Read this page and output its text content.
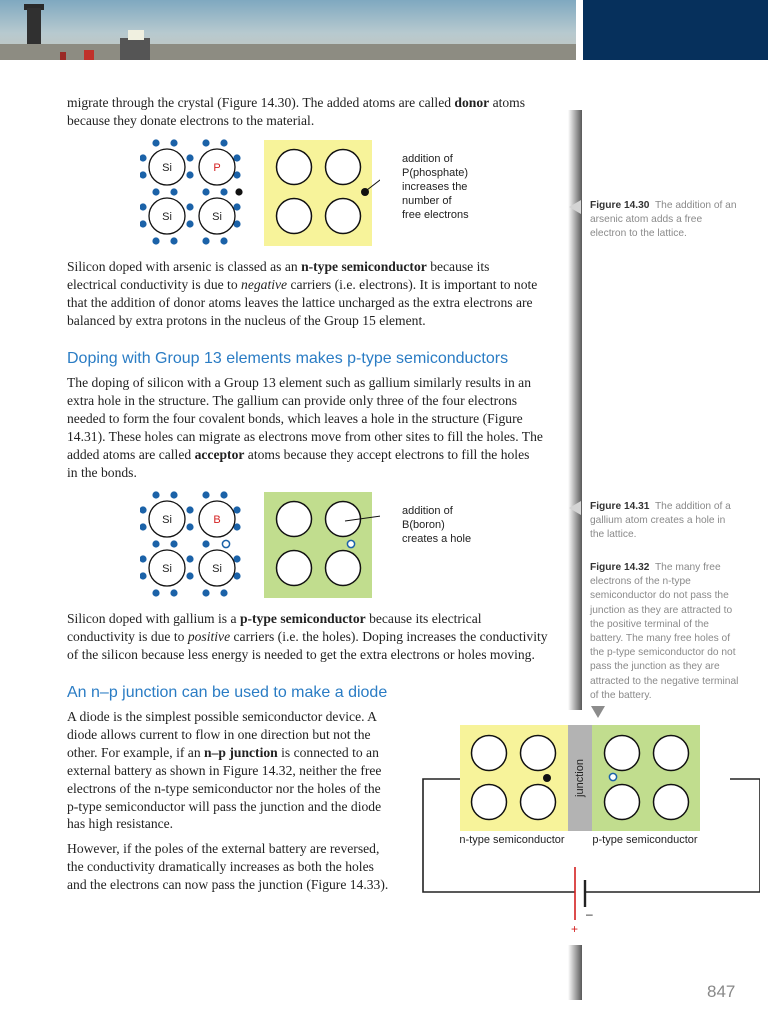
migrate through the crystal (Figure 14.30). The added atoms are called donor atoms
because they donate electrons to the material.
Si	P
Si	Si
addition of
P(phosphate)
increases the
number of
free electrons
Figure 14.30 The addition of an arsenic atom adds a free electron to the lattice.
Silicon doped with arsenic is classed as an n-type semiconductor because its
electrical conductivity is due to negative carriers (i.e. electrons). It is important to note
that the addition of donor atoms leaves the lattice uncharged as the extra electrons are
balanced by extra protons in the nucleus of the Group 15 element.
Doping with Group 13 elements makes p-type semiconductors
The doping of silicon with a Group 13 element such as gallium similarly results in an
extra hole in the structure. The gallium can provide only three of the four electrons
needed to form the four covalent bonds, which leaves a hole in the structure (Figure
14.31). These holes can migrate as electrons move from other sites to fill the holes. The
added atoms are called acceptor atoms because they accept electrons to fill the holes
in the bonds.
Si	B
Si	Si
addition of
B(boron)
creates a hole
Figure 14.31 The addition of a gallium atom creates a hole in the lattice.
Figure 14.32 The many free electrons of the n-type semiconductor do not pass the junction as they are attracted to the positive terminal of the battery. The many free holes of the p-type semiconductor do not pass the junction as they are attracted to the negative terminal of the battery.
Silicon doped with gallium is a p-type semiconductor because its electrical
conductivity is due to positive carriers (i.e. the holes). Doping increases the conductivity
of the silicon because less energy is needed to get the extra electrons or holes moving.
An n–p junction can be used to make a diode
A diode is the simplest possible semiconductor device. A
diode allows current to flow in one direction but not the
other. For example, if an n–p junction is connected to an
external battery as shown in Figure 14.32, neither the free
electrons of the n-type semiconductor nor the holes of the
p-type semiconductor will pass the junction and the diode
has high resistance.
However, if the poles of the external battery are reversed,
the conductivity dramatically increases as both the holes
and the electrons can now pass the junction (Figure 14.33).
junction
n-type semiconductor	p-type semiconductor
–
+
847
